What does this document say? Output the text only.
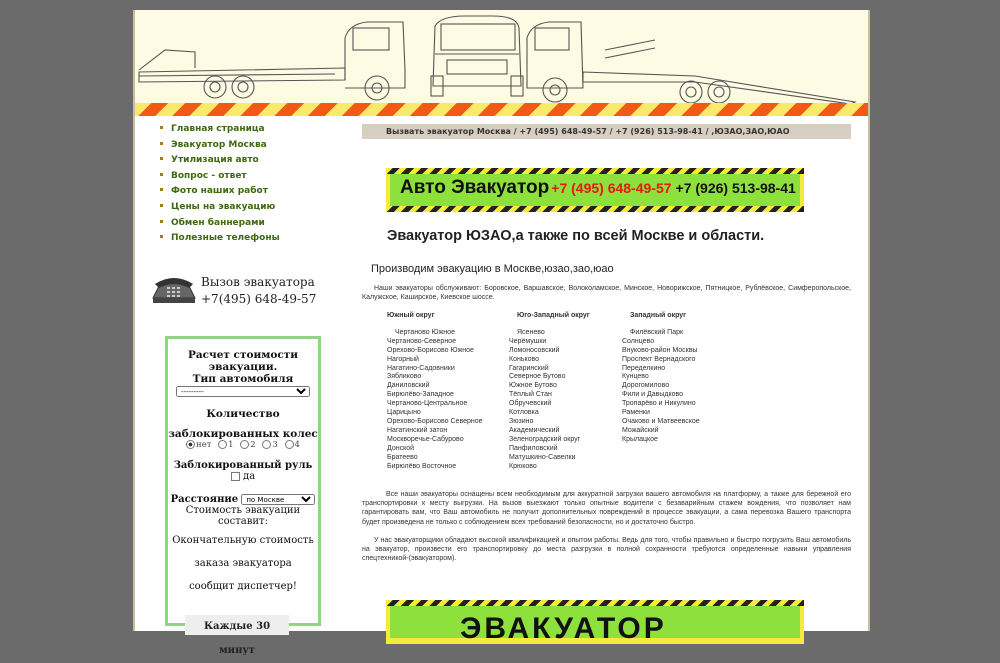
Главная страница
Эвакуатор Москва
Утилизация авто
Вопрос - ответ
Фото наших работ
Цены на эвакуацию
Обмен баннерами
Полезные телефоны
Вызов эвакуатора
+7(495) 648-49-57
Расчет стоимости эвакуации.
Тип автомобиля
---------
Количество
заблокированных колес
нет 1 2 3 4
Заблокированный руль  да
Расстояние
по Москве
Стоимость эвакуации составит:
Окончательную стоимость
заказа эвакуатора
сообщит диспетчер!
Каждые 30 минут
Вызвать эвакуатор Москва / +7 (495) 648-49-57 / +7 (926) 513-98-41 / ,ЮЗАО,ЗАО,ЮАО
Авто Эвакуатор +7 (495) 648-49-57 +7 (926) 513-98-41
Эвакуатор ЮЗАО,а также по всей Москве и области.
Производим эвакуацию в Москве,юзао,зао,юао
Наши эвакуаторы обслуживают: Боровское, Варшавское, Волоколамское, Минское, Новорижское, Пятницкое, Рублёвское, Симферопольское, Калужское, Каширское, Киевское шоссе.
Южный округ
Чертаново Южное
Чертаново-Северное
Орехово-Борисово Южное
Нагорный
Нагатино-Садовники
Зябликово
Даниловский
Бирюлёво-Западное
Чертаново-Центральное
Царицыно
Орехово-Борисово Северное
Нагатинский затон
Москворечье-Сабурово
Донской
Братеево
Бирюлёво Восточное
Юго-Западный округ
Ясенево
Черёмушки
Ломоносовский
Коньково
Гагаринский
Северное Бутово
Южное Бутово
Тёплый Стан
Обручевский
Котловка
Зюзино
Академический
Зеленоградский округ
Панфиловский
Матушкино-Савелки
Крюково
Западный округ
Филёвский Парк
Солнцево
Внуково-район Москвы
Проспект Вернадского
Переделкино
Кунцево
Дорогомилово
Фили и Давыдково
Тропарёво и Никулино
Раменки
Очаково и Матвеевское
Можайский
Крылацкое
Все наши эвакуаторы оснащены всем необходимым для аккуратной загрузки вашего автомобиля на платформу, а также для бережной его транспортировки к месту выгрузки. На вызов выезжают только опытные водители с безаварийным стажем вождения, что позволяет нам гарантировать вам, что Ваш автомобиль не получит дополнительных повреждений в процессе эвакуации, а сама перевозка Вашего транспорта будет произведена не только с соблюдением всех требований безопасности, но и достаточно быстро.
У нас эвакуаторщики обладают высокой квалификацией и опытом работы. Ведь для того, чтобы правильно и быстро погрузить Ваш автомобиль на эвакуатор, произвести его транспортировку до места разгрузки в полной сохранности требуются определенные навыки управления спецтехникой-(эвакуатором).
ЭВАКУАТОР
